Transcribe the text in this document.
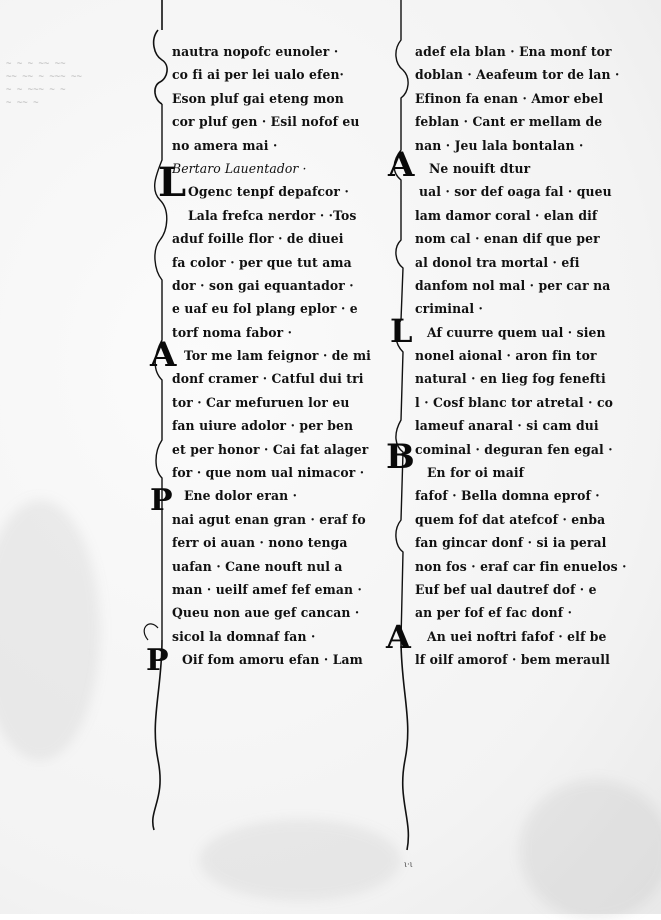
~ ~ ~ ~~ ~~
~~ ~~ ~ ~~~ ~~
~ ~ ~~~ ~ ~
~ ~~ ~
L
A
P
P
A
L
B
A
nautra nopofc eunoler ·
co fi ai per lei ualo efen·
Eson pluf gai eteng mon
cor pluf gen · Esil nofof eu
no amera mai ·
Bertaro Lauentador ·
Ogenc tenpf depafcor ·
Lala frefca nerdor · ·Tos
aduf foille flor · de diuei
fa color · per que tut ama
dor · son gai equantador ·
e uaf eu fol plang eplor · e
torf noma fabor ·
Tor me lam feignor · de mi
donf cramer · Catful dui tri
tor · Car mefuruen lor eu
fan uiure adolor · per ben
et per honor · Cai fat alager
for · que nom ual nimacor ·
Ene dolor eran ·
nai agut enan gran · eraf fo
ferr oi auan · nono tenga
uafan · Cane nouft nul a
man · ueilf amef fef eman ·
Queu non aue gef cancan ·
sicol la domnaf fan ·
Oif fom amoru efan · Lam
adef ela blan · Ena monf tor
doblan · Aeafeum tor de lan ·
Efinon fa enan · Amor ebel
feblan · Cant er mellam de
nan · Jeu lala bontalan ·
Ne nouift dtur
ual · sor def oaga fal · queu
lam damor coral · elan dif
nom cal · enan dif que per
al donol tra mortal · efi
danfom nol mal · per car na
criminal ·
Af cuurre quem ual · sien
nonel aional · aron fin tor
natural · en lieg fog fenefti
l · Cosf blanc tor atretal · co
lameuf anaral · si cam dui
cominal · deguran fen egal ·
En for oi maif
fafof · Bella domna eprof ·
quem fof dat atefcof · enba
fan gincar donf · si ia peral
non fos · eraf car fin enuelos ·
Euf bef ual dautref dof · e
an per fof ef fac donf ·
An uei noftri fafof · elf be
lf oilf amorof · bem meraull
ι·ι
